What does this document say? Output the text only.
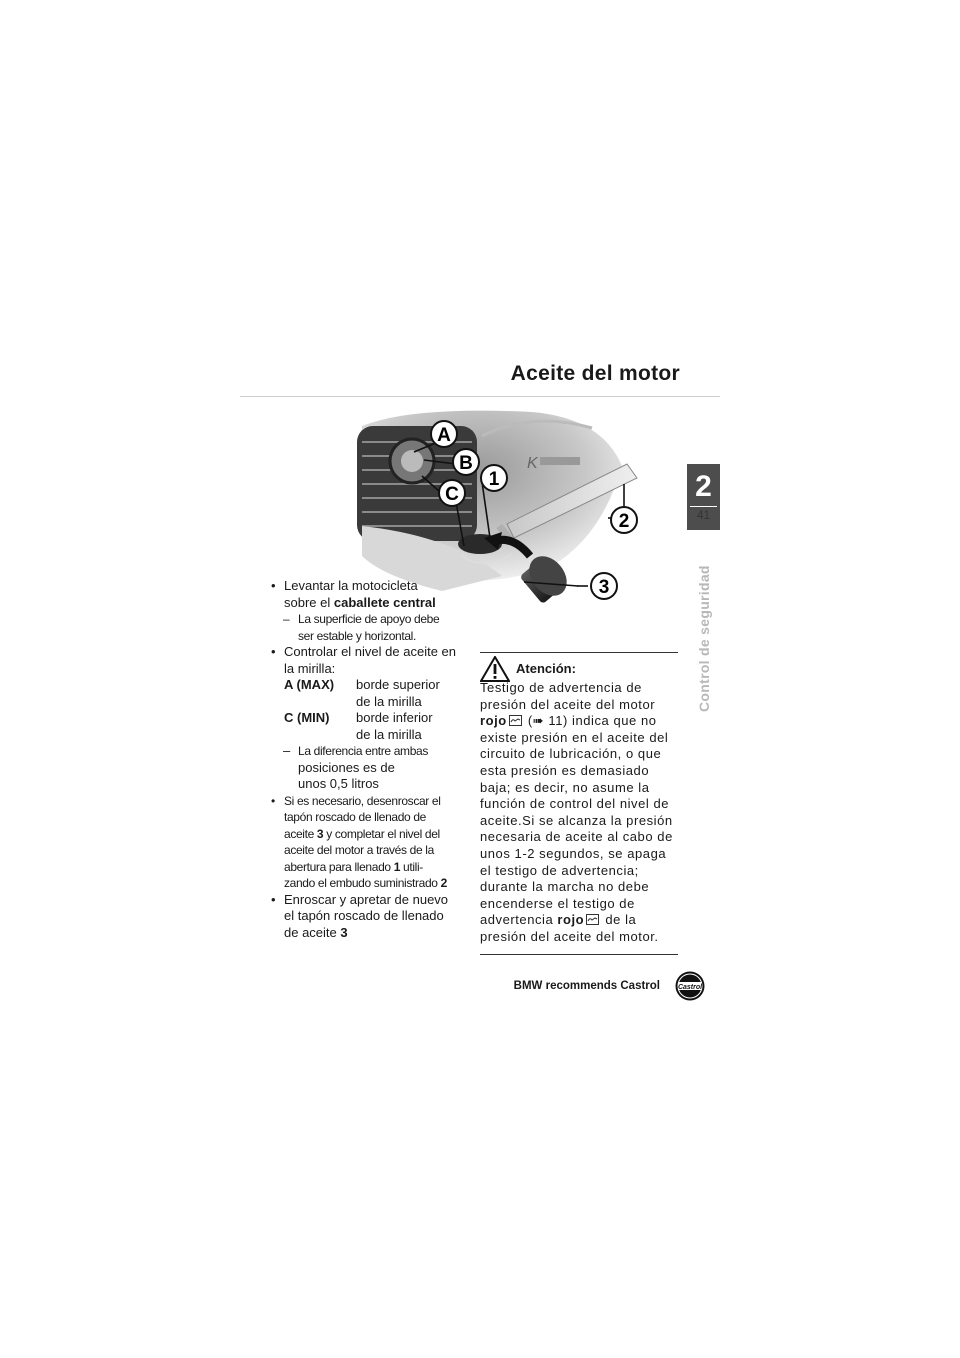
Aceite del motor
2
41
Control de seguridad
K
A
B
C
1
2
3
• Levantar la motocicleta
sobre el caballete central
– La superficie de apoyo debe
ser estable y horizontal.
• Controlar el nivel de aceite en
la mirilla:
A (MAX)	borde superior
de la mirilla
C (MIN)	borde inferior
de la mirilla
– La diferencia entre ambas
posiciones es de
unos 0,5 litros
• Si es necesario, desenroscar el
tapón roscado de llenado de
aceite 3 y completar el nivel del
aceite del motor a través de la
abertura para llenado 1 utili-
zando el embudo suministrado 2
• Enroscar y apretar de nuevo
el tapón roscado de llenado
de aceite 3
Atención:
Testigo de advertencia de
presión del aceite del motor
rojo (➠ 11) indica que no
existe presión en el aceite del
circuito de lubricación, o que
esta presión es demasiado
baja; es decir, no asume la
función de control del nivel de
aceite.Si se alcanza la presión
necesaria de aceite al cabo de
unos 1-2 segundos, se apaga
el testigo de advertencia;
durante la marcha no debe
encenderse el testigo de
advertencia rojo de la
presión del aceite del motor.
BMW recommends Castrol	Castrol
